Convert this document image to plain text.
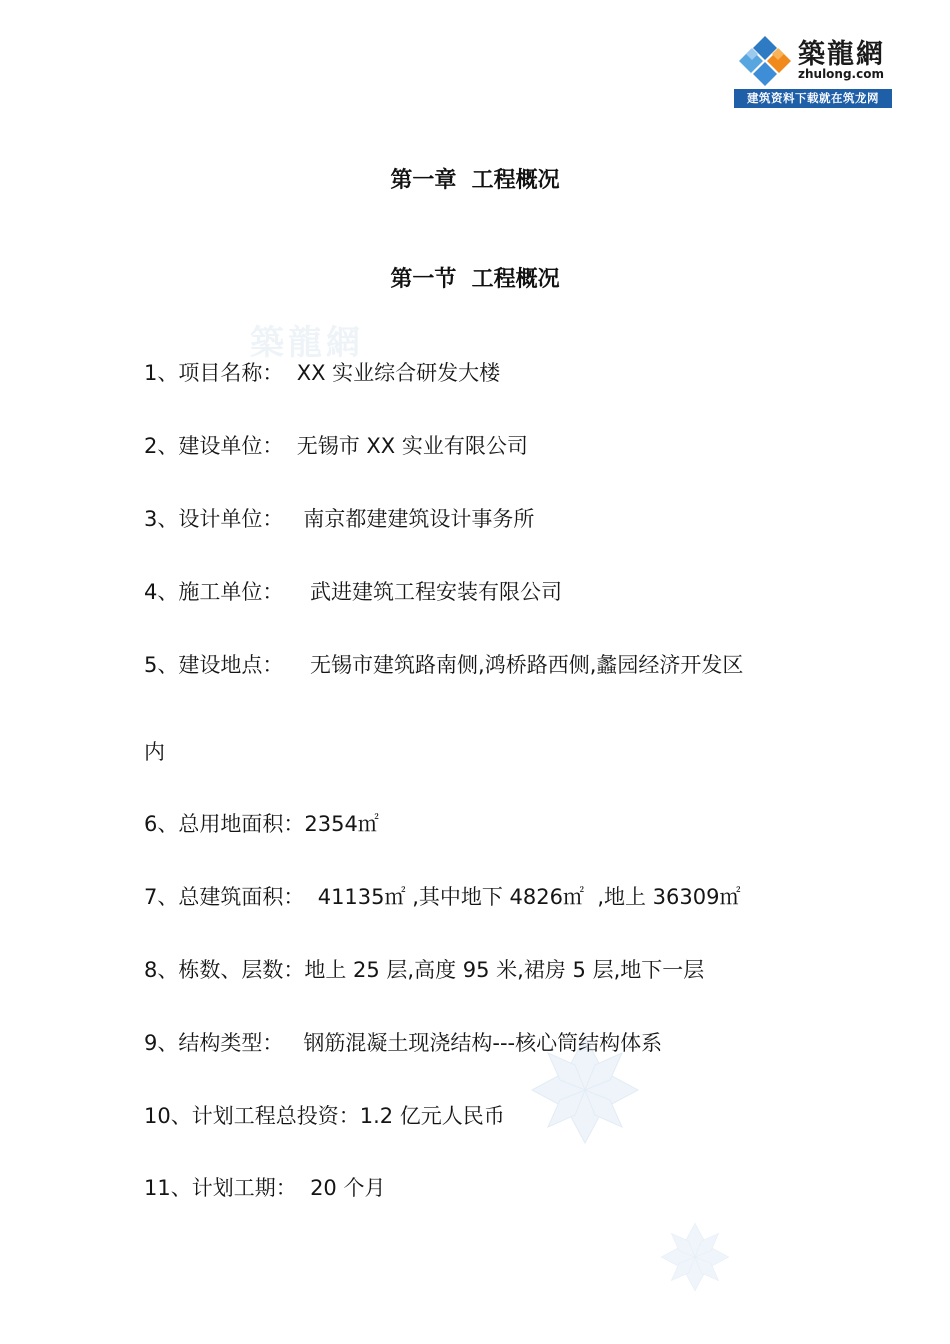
築龍網
築龍網
zhulong.com
建筑资料下载就在筑龙网
第一章  工程概况
第一节  工程概况
1、项目名称：  XX 实业综合研发大楼
2、建设单位：  无锡市 XX 实业有限公司
3、设计单位：   南京都建建筑设计事务所
4、施工单位：    武进建筑工程安装有限公司
5、建设地点：    无锡市建筑路南侧,鸿桥路西侧,蠡园经济开发区
内
6、总用地面积：2354㎡
7、总建筑面积：  41135㎡ ,其中地下 4826㎡  ,地上 36309㎡
8、栋数、层数：地上 25 层,高度 95 米,裙房 5 层,地下一层
9、结构类型：   钢筋混凝土现浇结构---核心筒结构体系
10、计划工程总投资：1.2 亿元人民币
11、计划工期：  20 个月
